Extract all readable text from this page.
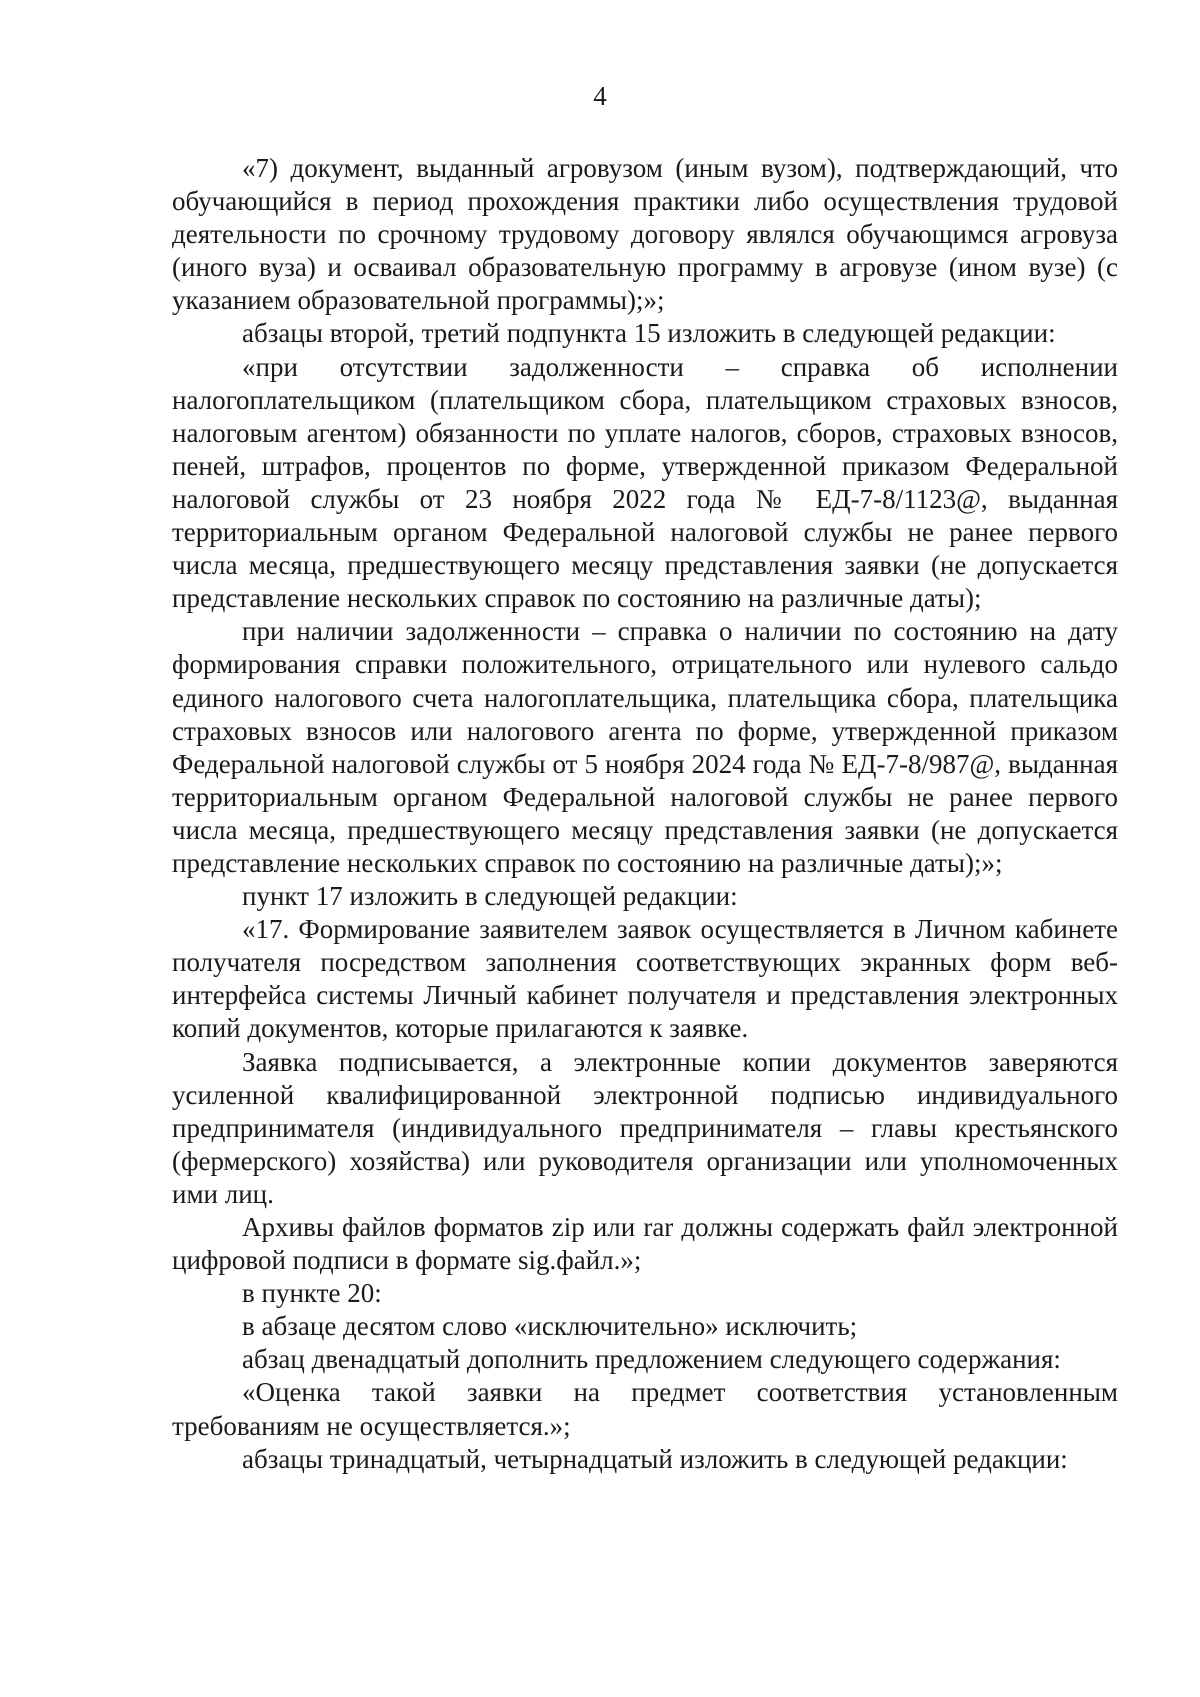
4

«7) документ, выданный агровузом (иным вузом), подтверждающий, что обучающийся в период прохождения практики либо осуществления трудовой деятельности по срочному трудовому договору являлся обучающимся агровуза (иного вуза) и осваивал образовательную программу в агровузе (ином вузе) (с указанием образовательной программы);»;

абзацы второй, третий подпункта 15 изложить в следующей редакции:

«при отсутствии задолженности – справка об исполнении налогоплательщиком (плательщиком сбора, плательщиком страховых взносов, налоговым агентом) обязанности по уплате налогов, сборов, страховых взносов, пеней, штрафов, процентов по форме, утвержденной приказом Федеральной налоговой службы от 23 ноября 2022 года № ЕД-7-8/1123@, выданная территориальным органом Федеральной налоговой службы не ранее первого числа месяца, предшествующего месяцу представления заявки (не допускается представление нескольких справок по состоянию на различные даты);

при наличии задолженности – справка о наличии по состоянию на дату формирования справки положительного, отрицательного или нулевого сальдо единого налогового счета налогоплательщика, плательщика сбора, плательщика страховых взносов или налогового агента по форме, утвержденной приказом Федеральной налоговой службы от 5 ноября 2024 года № ЕД-7-8/987@, выданная территориальным органом Федеральной налоговой службы не ранее первого числа месяца, предшествующего месяцу представления заявки (не допускается представление нескольких справок по состоянию на различные даты);»;

пункт 17 изложить в следующей редакции:

«17. Формирование заявителем заявок осуществляется в Личном кабинете получателя посредством заполнения соответствующих экранных форм веб-интерфейса системы Личный кабинет получателя и представления электронных копий документов, которые прилагаются к заявке.

Заявка подписывается, а электронные копии документов заверяются усиленной квалифицированной электронной подписью индивидуального предпринимателя (индивидуального предпринимателя – главы крестьянского (фермерского) хозяйства) или руководителя организации или уполномоченных ими лиц.

Архивы файлов форматов zip или rar должны содержать файл электронной цифровой подписи в формате sig.файл.»;

в пункте 20:

в абзаце десятом слово «исключительно» исключить;

абзац двенадцатый дополнить предложением следующего содержания:

«Оценка такой заявки на предмет соответствия установленным требованиям не осуществляется.»;

абзацы тринадцатый, четырнадцатый изложить в следующей редакции:
